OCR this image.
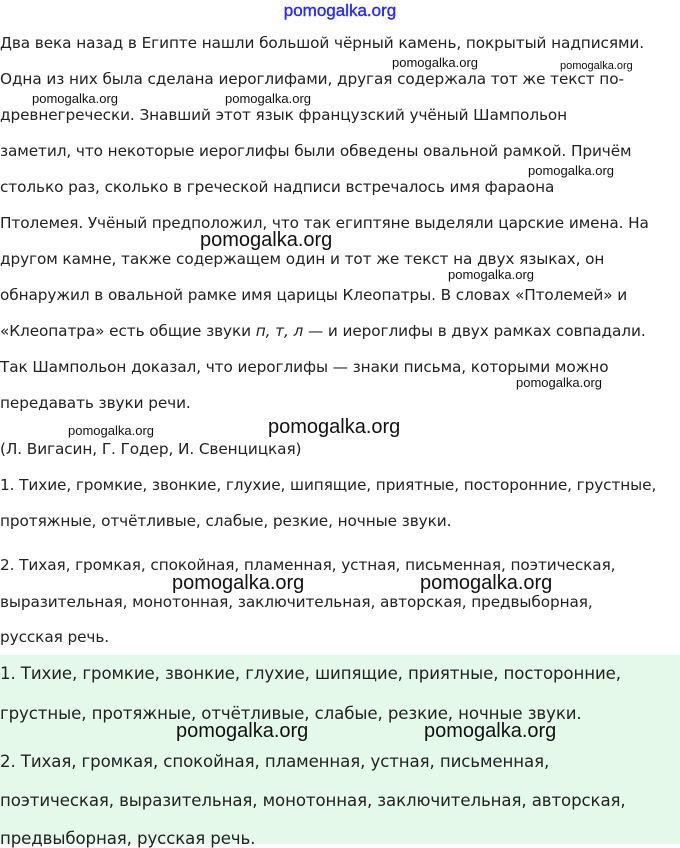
pomogalka.org
Два века назад в Египте нашли большой чёрный камень, покрытый надписями.
Одна из них была сделана иероглифами, другая содержала тот же текст по-
древнегречески. Знавший этот язык французский учёный Шампольон
заметил, что некоторые иероглифы были обведены овальной рамкой. Причём
столько раз, сколько в греческой надписи встречалось имя фараона
Птолемея. Учёный предположил, что так египтяне выделяли царские имена. На
другом камне, также содержащем один и тот же текст на двух языках, он
обнаружил в овальной рамке имя царицы Клеопатры. В словах «Птолемей» и
«Клеопатра» есть общие звуки п, т, л — и иероглифы в двух рамках совпадали.
Так Шампольон доказал, что иероглифы — знаки письма, которыми можно
передавать звуки речи.
(Л. Вигасин, Г. Годер, И. Свенцицкая)
1. Тихие, громкие, звонкие, глухие, шипящие, приятные, посторонние, грустные,
протяжные, отчётливые, слабые, резкие, ночные звуки.
2. Тихая, громкая, спокойная, пламенная, устная, письменная, поэтическая,
выразительная, монотонная, заключительная, авторская, предвыборная,
русская речь.
1. Тихие, громкие, звонкие, глухие, шипящие, приятные, посторонние,
грустные, протяжные, отчётливые, слабые, резкие, ночные звуки.
2. Тихая, громкая, спокойная, пламенная, устная, письменная,
поэтическая, выразительная, монотонная, заключительная, авторская,
предвыборная, русская речь.
pomogalka.org	pomogalka.org
pomogalka.org	pomogalka.org
pomogalka.org
pomogalka.org
pomogalka.org
pomogalka.org
pomogalka.org
pomogalka.org
pomogalka.org	pomogalka.org
pomogalka.org	pomogalka.org
